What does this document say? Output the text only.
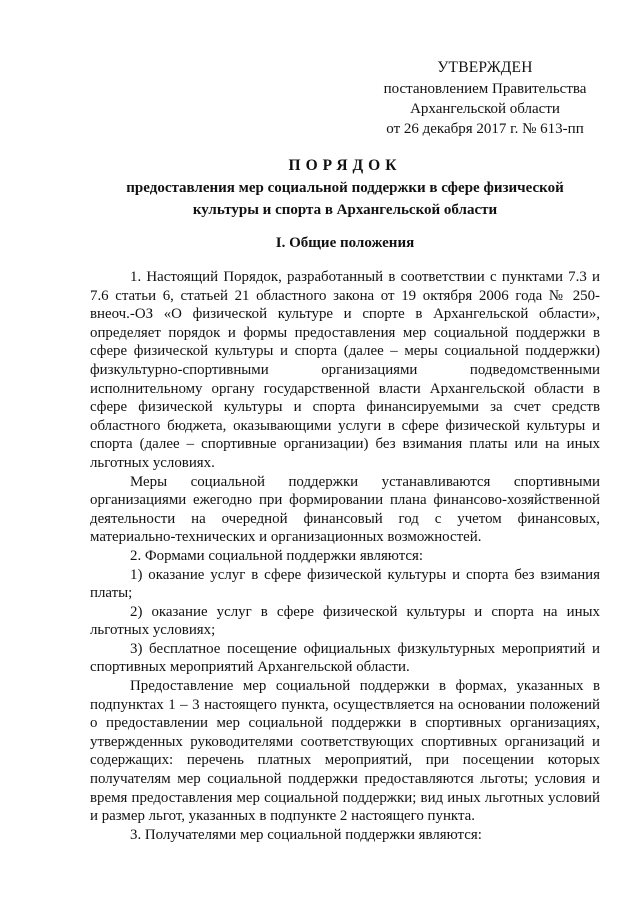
УТВЕРЖДЕН
постановлением Правительства
Архангельской области
от 26 декабря 2017 г. № 613-пп
ПОРЯДОК
предоставления мер социальной поддержки в сфере физической
культуры и спорта в Архангельской области
I. Общие положения

1. Настоящий Порядок, разработанный в соответствии с пунктами 7.3 и 7.6 статьи 6, статьей 21 областного закона от 19 октября 2006 года № 250-внеоч.-ОЗ «О физической культуре и спорте в Архангельской области», определяет порядок и формы предоставления мер социальной поддержки в сфере физической культуры и спорта (далее – меры социальной поддержки) физкультурно-спортивными организациями подведомственными исполнительному органу государственной власти Архангельской области в сфере физической культуры и спорта финансируемыми за счет средств областного бюджета, оказывающими услуги в сфере физической культуры и спорта (далее – спортивные организации) без взимания платы или на иных льготных условиях.

Меры социальной поддержки устанавливаются спортивными организациями ежегодно при формировании плана финансово-хозяйственной деятельности на очередной финансовый год с учетом финансовых, материально-технических и организационных возможностей.

2. Формами социальной поддержки являются:

1) оказание услуг в сфере физической культуры и спорта без взимания платы;

2) оказание услуг в сфере физической культуры и спорта на иных льготных условиях;

3) бесплатное посещение официальных физкультурных мероприятий и спортивных мероприятий Архангельской области.

Предоставление мер социальной поддержки в формах, указанных в подпунктах 1 – 3 настоящего пункта, осуществляется на основании положений о предоставлении мер социальной поддержки в спортивных организациях, утвержденных руководителями соответствующих спортивных организаций и содержащих: перечень платных мероприятий, при посещении которых получателям мер социальной поддержки предоставляются льготы; условия и время предоставления мер социальной поддержки; вид иных льготных условий и размер льгот, указанных в подпункте 2 настоящего пункта.

3. Получателями мер социальной поддержки являются:
